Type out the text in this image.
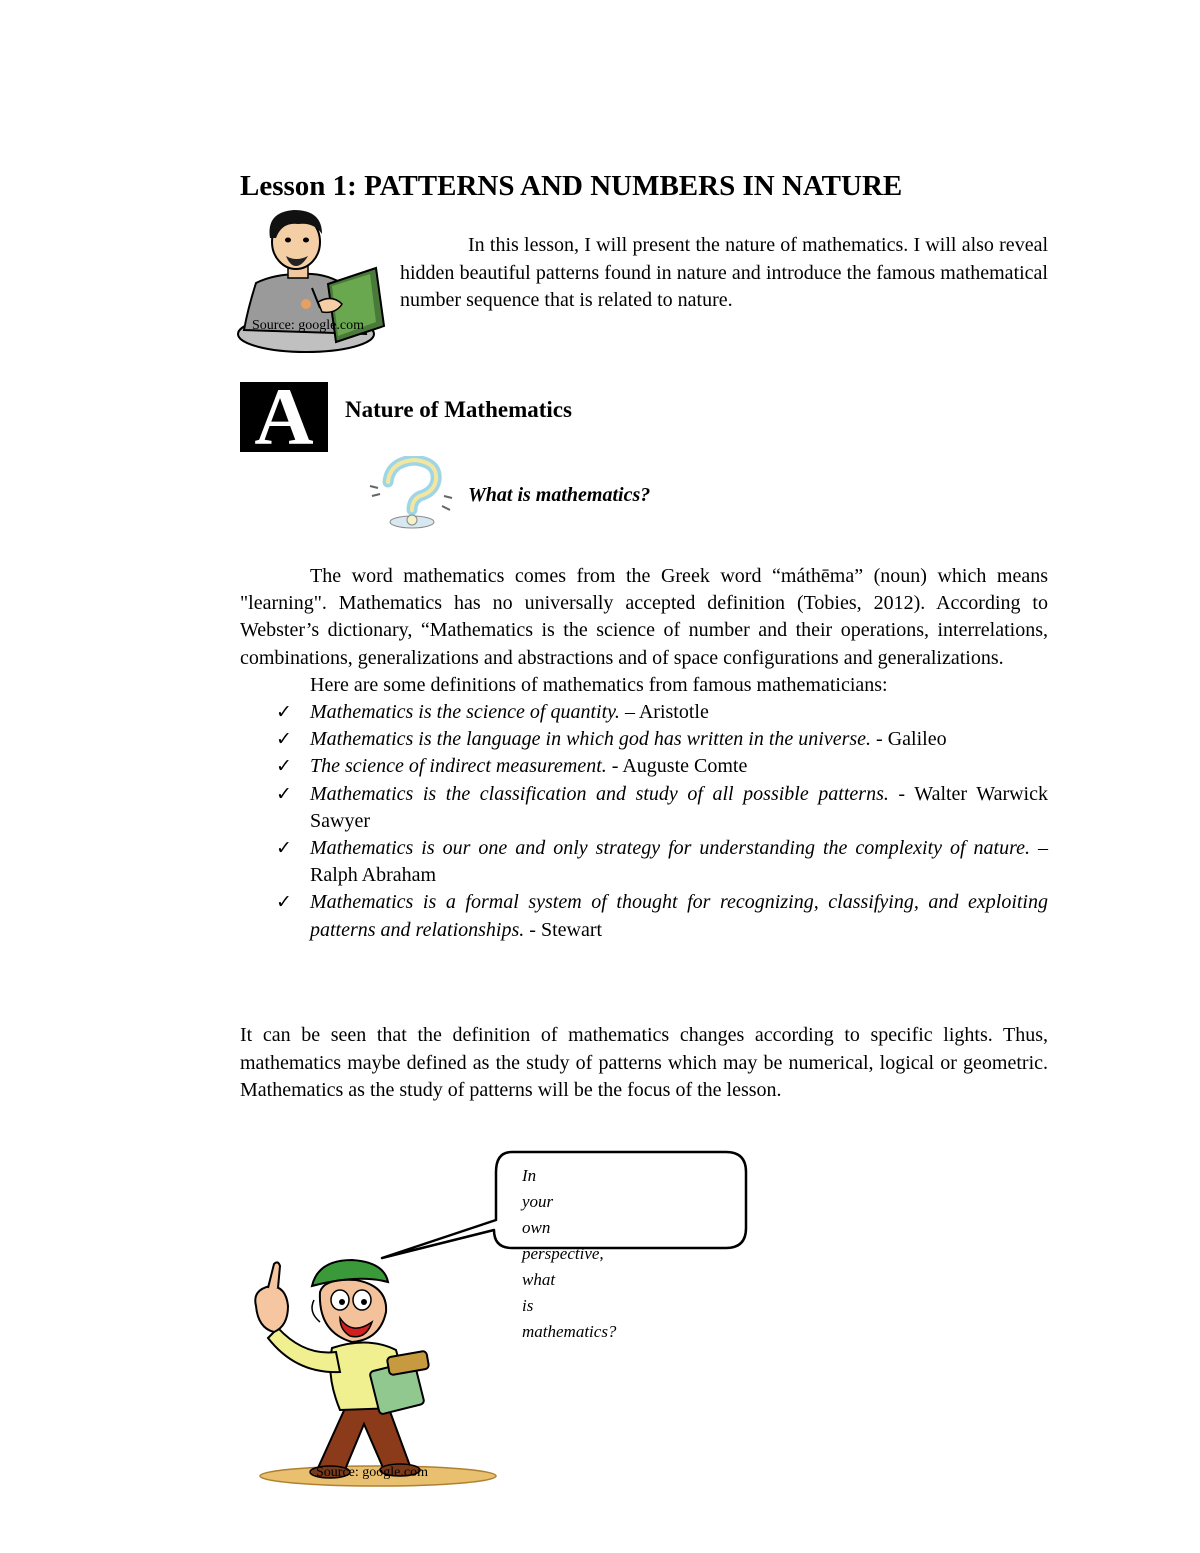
Lesson 1: PATTERNS AND NUMBERS IN NATURE
Source: google.com

In this lesson, I will present the nature of mathematics. I will also reveal hidden beautiful patterns found in nature and introduce the famous mathematical number sequence that is related to nature.

A	Nature of Mathematics
What is mathematics?

The word mathematics comes from the Greek word “máthēma” (noun) which means "learning". Mathematics has no universally accepted definition (Tobies, 2012). According to Webster’s dictionary, “Mathematics is the science of number and their operations, interrelations, combinations, generalizations and abstractions and of space configurations and generalizations.

Here are some definitions of mathematics from famous mathematicians:

✓ Mathematics is the science of quantity. – Aristotle
✓ Mathematics is the language in which god has written in the universe. - Galileo
✓ The science of indirect measurement. - Auguste Comte
✓ Mathematics is the classification and study of all possible patterns. - Walter Warwick Sawyer
✓ Mathematics is our one and only strategy for understanding the complexity of nature. – Ralph Abraham
✓ Mathematics is a formal system of thought for recognizing, classifying, and exploiting patterns and relationships. - Stewart
It can be seen that the definition of mathematics changes according to specific lights. Thus, mathematics maybe defined as the study of patterns which may be numerical, logical or geometric. Mathematics as the study of patterns will be the focus of the lesson.
In
your
own
perspective,
what
is
mathematics?
Source: google.com
